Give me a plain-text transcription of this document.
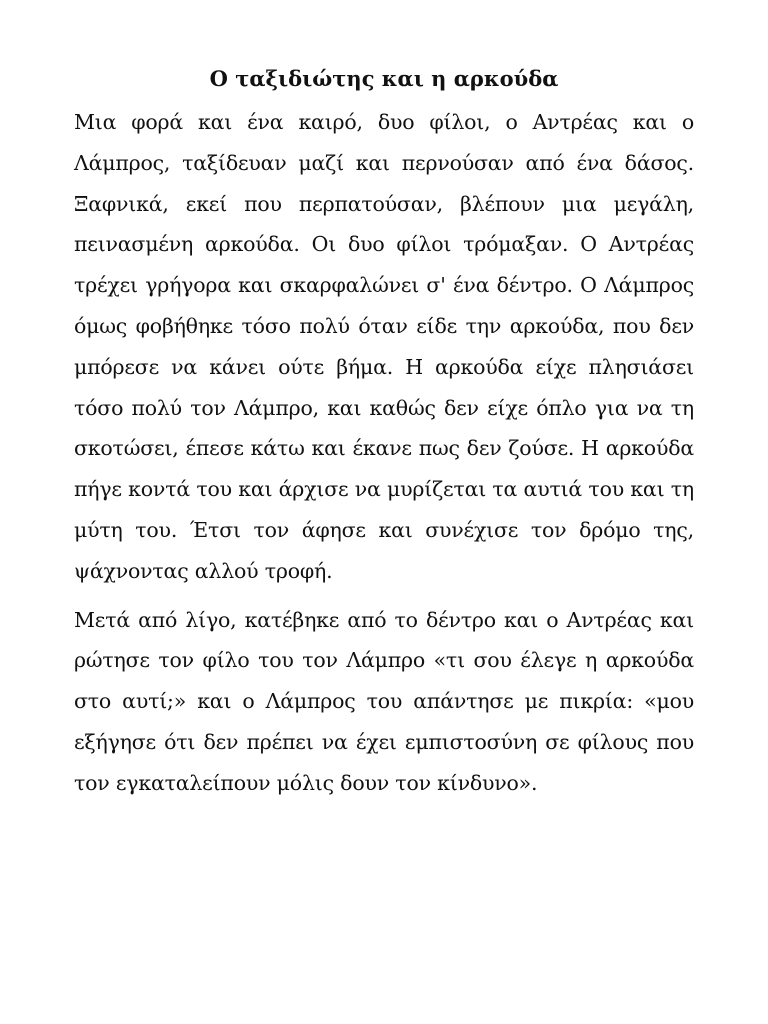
Ο ταξιδιώτης και η αρκούδα

Μια φορά και ένα καιρό, δυο φίλοι, ο Αντρέας και ο Λάμπρος, ταξίδευαν μαζί και περνούσαν από ένα δάσος. Ξαφνικά, εκεί που περπατούσαν, βλέπουν μια μεγάλη, πεινασμένη αρκούδα. Οι δυο φίλοι τρόμαξαν. Ο Αντρέας τρέχει γρήγορα και σκαρφαλώνει σ' ένα δέντρο. Ο Λάμπρος όμως φοβήθηκε τόσο πολύ όταν είδε την αρκούδα, που δεν μπόρεσε να κάνει ούτε βήμα. Η αρκούδα είχε πλησιάσει τόσο πολύ τον Λάμπρο, και καθώς δεν είχε όπλο για να τη σκοτώσει, έπεσε κάτω και έκανε πως δεν ζούσε. Η αρκούδα πήγε κοντά του και άρχισε να μυρίζεται τα αυτιά του και τη μύτη του. Έτσι τον άφησε και συνέχισε τον δρόμο της, ψάχνοντας αλλού τροφή.

Μετά από λίγο, κατέβηκε από το δέντρο και ο Αντρέας και ρώτησε τον φίλο του τον Λάμπρο «τι σου έλεγε η αρκούδα στο αυτί;» και ο Λάμπρος του απάντησε με πικρία: «μου εξήγησε ότι δεν πρέπει να έχει εμπιστοσύνη σε φίλους που τον εγκαταλείπουν μόλις δουν τον κίνδυνο».
